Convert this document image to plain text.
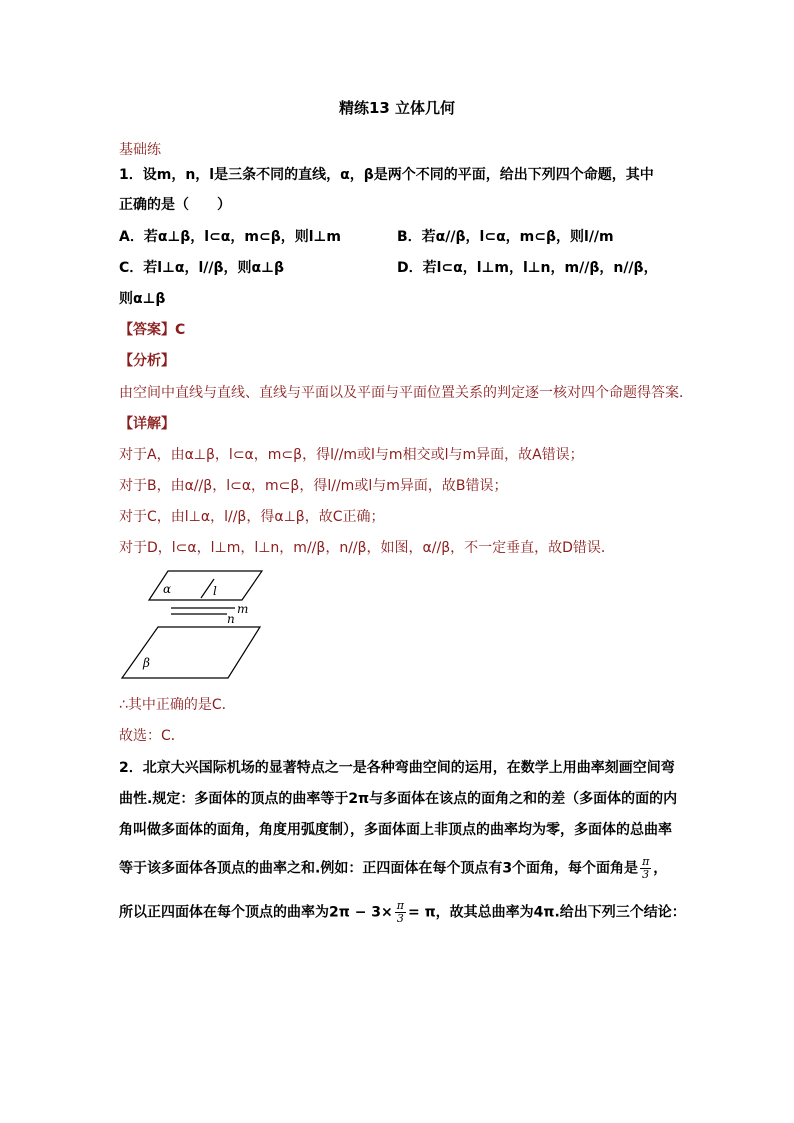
精练13 立体几何
基础练
1．设m，n，l是三条不同的直线，α，β是两个不同的平面，给出下列四个命题，其中
正确的是（　　）
A．若α⊥β，l⊂α，m⊂β，则l⊥m	B．若α//β，l⊂α，m⊂β，则l//m
C．若l⊥α，l//β，则α⊥β	D．若l⊂α，l⊥m，l⊥n，m//β，n//β，
则α⊥β
【答案】C
【分析】
由空间中直线与直线、直线与平面以及平面与平面位置关系的判定逐一核对四个命题得答案．
【详解】
对于A，由α⊥β，l⊂α，m⊂β，得l//m或l与m相交或l与m异面，故A错误；
对于B，由α//β，l⊂α，m⊂β，得l//m或l与m异面，故B错误；
对于C，由l⊥α，l//β，得α⊥β，故C正确；
对于D，l⊂α，l⊥m，l⊥n，m//β，n//β，如图，α//β，不一定垂直，故D错误．
α	l
m
n
β
∴其中正确的是C．
故选：C．
2．北京大兴国际机场的显著特点之一是各种弯曲空间的运用，在数学上用曲率刻画空间弯
曲性.规定：多面体的顶点的曲率等于2π与多面体在该点的面角之和的差（多面体的面的内
角叫做多面体的面角，角度用弧度制），多面体面上非顶点的曲率均为零，多面体的总曲率
等于该多面体各顶点的曲率之和.例如：正四面体在每个顶点有3个面角，每个面角是 $\frac{\pi}{3}$ ，
所以正四面体在每个顶点的曲率为$2\pi - 3\times \frac{\pi}{3} = \pi$，故其总曲率为4π.给出下列三个结论：
